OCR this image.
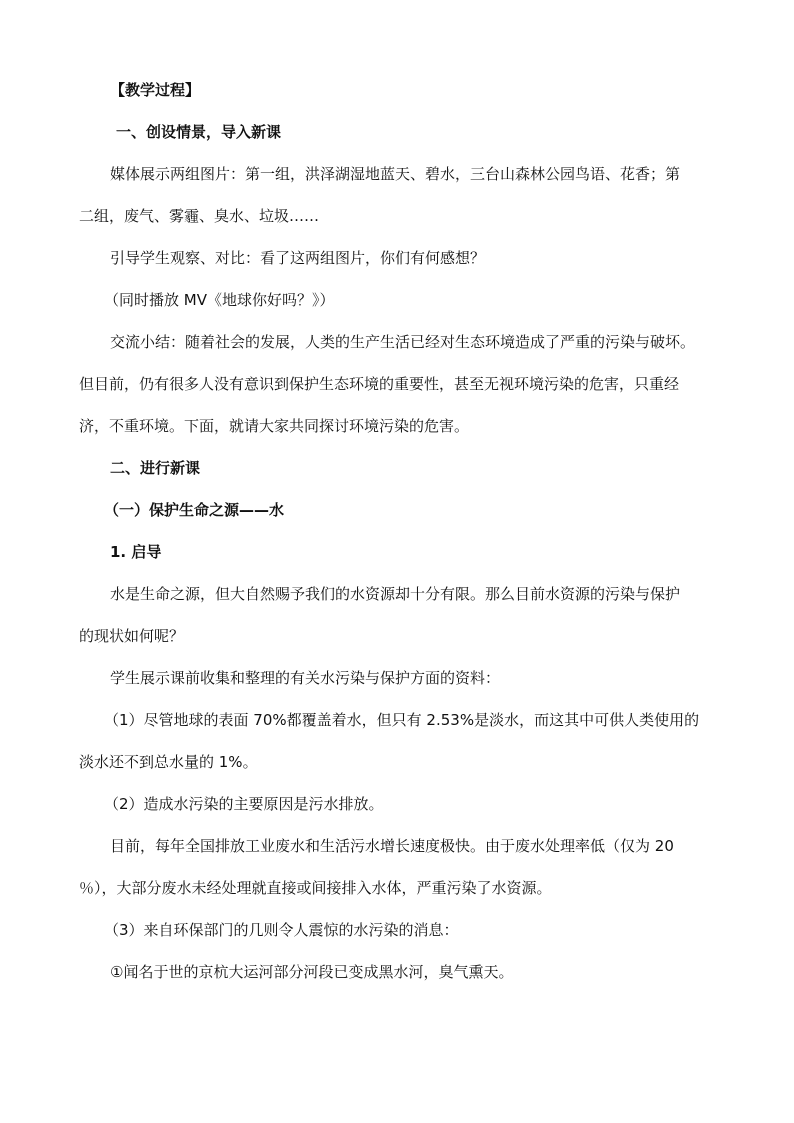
【教学过程】

一、创设情景，导入新课

媒体展示两组图片：第一组，洪泽湖湿地蓝天、碧水，三台山森林公园鸟语、花香；第

二组，废气、雾霾、臭水、垃圾……

引导学生观察、对比：看了这两组图片，你们有何感想？

（同时播放 MV《地球你好吗？》）

交流小结：随着社会的发展，人类的生产生活已经对生态环境造成了严重的污染与破坏。

但目前，仍有很多人没有意识到保护生态环境的重要性，甚至无视环境污染的危害，只重经

济，不重环境。下面，就请大家共同探讨环境污染的危害。

二、进行新课

（一）保护生命之源——水

1. 启导

水是生命之源，但大自然赐予我们的水资源却十分有限。那么目前水资源的污染与保护

的现状如何呢？

学生展示课前收集和整理的有关水污染与保护方面的资料：

（1）尽管地球的表面 70%都覆盖着水，但只有 2.53%是淡水，而这其中可供人类使用的

淡水还不到总水量的 1%。

（2）造成水污染的主要原因是污水排放。

目前，每年全国排放工业废水和生活污水增长速度极快。由于废水处理率低（仅为 20

％），大部分废水未经处理就直接或间接排入水体，严重污染了水资源。

（3）来自环保部门的几则令人震惊的水污染的消息：

①闻名于世的京杭大运河部分河段已变成黑水河，臭气熏天。
